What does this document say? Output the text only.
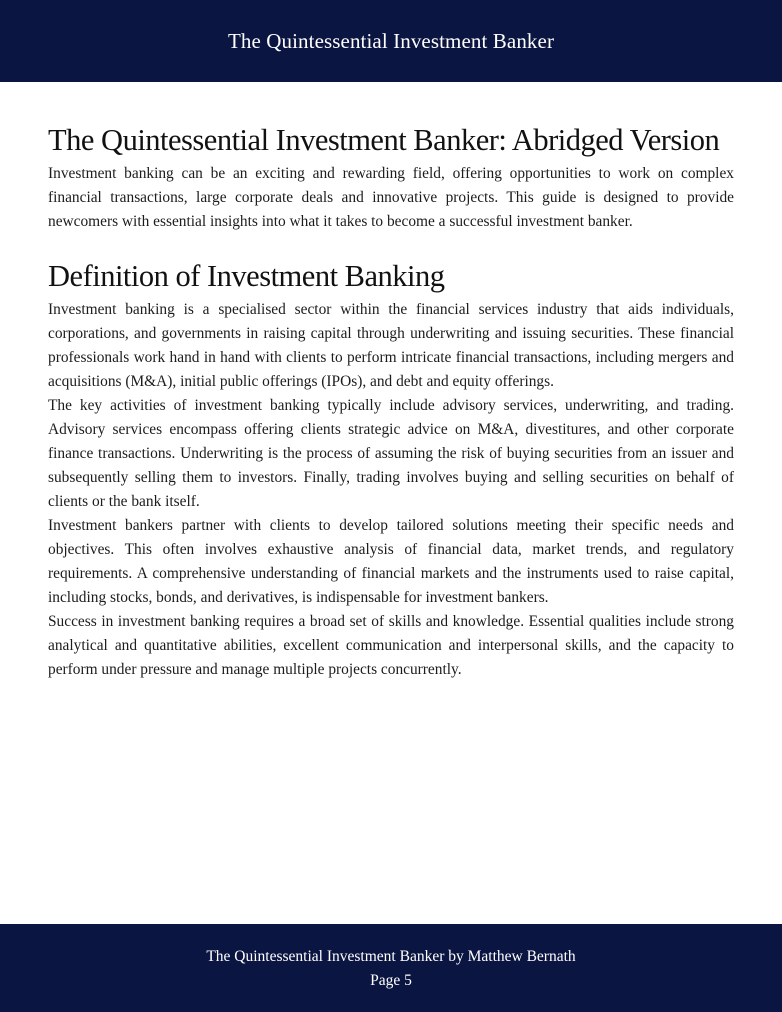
The Quintessential Investment Banker
The Quintessential Investment Banker: Abridged Version

Investment banking can be an exciting and rewarding field, offering opportunities to work on complex financial transactions, large corporate deals and innovative projects. This guide is designed to provide newcomers with essential insights into what it takes to become a successful investment banker.

Definition of Investment Banking

Investment banking is a specialised sector within the financial services industry that aids individuals, corporations, and governments in raising capital through underwriting and issuing securities. These financial professionals work hand in hand with clients to perform intricate financial transactions, including mergers and acquisitions (M&A), initial public offerings (IPOs), and debt and equity offerings.

The key activities of investment banking typically include advisory services, underwriting, and trading. Advisory services encompass offering clients strategic advice on M&A, divestitures, and other corporate finance transactions. Underwriting is the process of assuming the risk of buying securities from an issuer and subsequently selling them to investors. Finally, trading involves buying and selling securities on behalf of clients or the bank itself.

Investment bankers partner with clients to develop tailored solutions meeting their specific needs and objectives. This often involves exhaustive analysis of financial data, market trends, and regulatory requirements. A comprehensive understanding of financial markets and the instruments used to raise capital, including stocks, bonds, and derivatives, is indispensable for investment bankers.

Success in investment banking requires a broad set of skills and knowledge. Essential qualities include strong analytical and quantitative abilities, excellent communication and interpersonal skills, and the capacity to perform under pressure and manage multiple projects concurrently.

The Quintessential Investment Banker by Matthew Bernath
Page 5
